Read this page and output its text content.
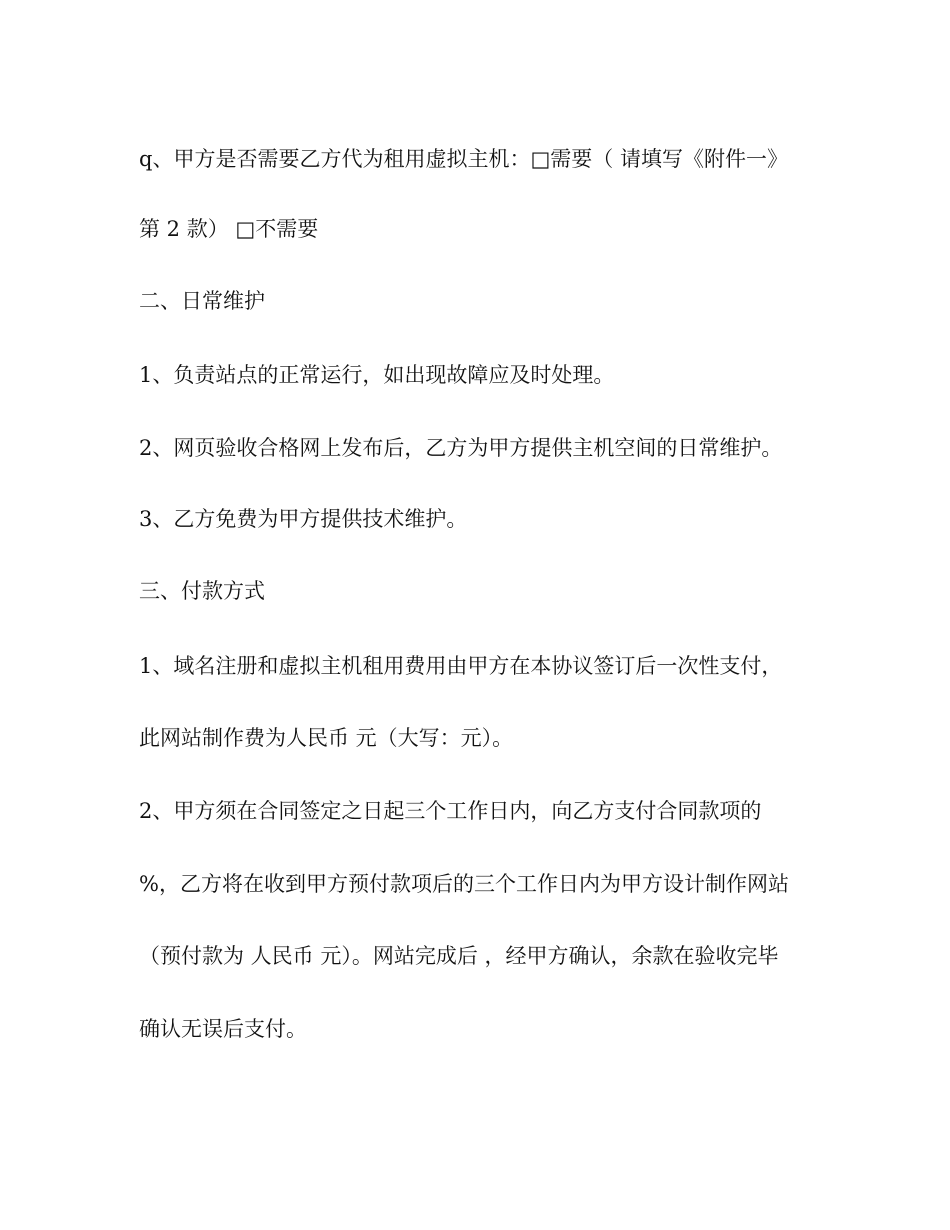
q、甲方是否需要乙方代为租用虚拟主机：□需要（ 请填写《附件一》
第 2 款） □不需要
二、日常维护
1、负责站点的正常运行，如出现故障应及时处理。
2、网页验收合格网上发布后，乙方为甲方提供主机空间的日常维护。
3、乙方免费为甲方提供技术维护。
三、付款方式
1、域名注册和虚拟主机租用费用由甲方在本协议签订后一次性支付，
此网站制作费为人民币 元（大写：元）。
2、甲方须在合同签定之日起三个工作日内，向乙方支付合同款项的
%，乙方将在收到甲方预付款项后的三个工作日内为甲方设计制作网站
（预付款为 人民币 元）。网站完成后 ，经甲方确认，余款在验收完毕
确认无误后支付。
